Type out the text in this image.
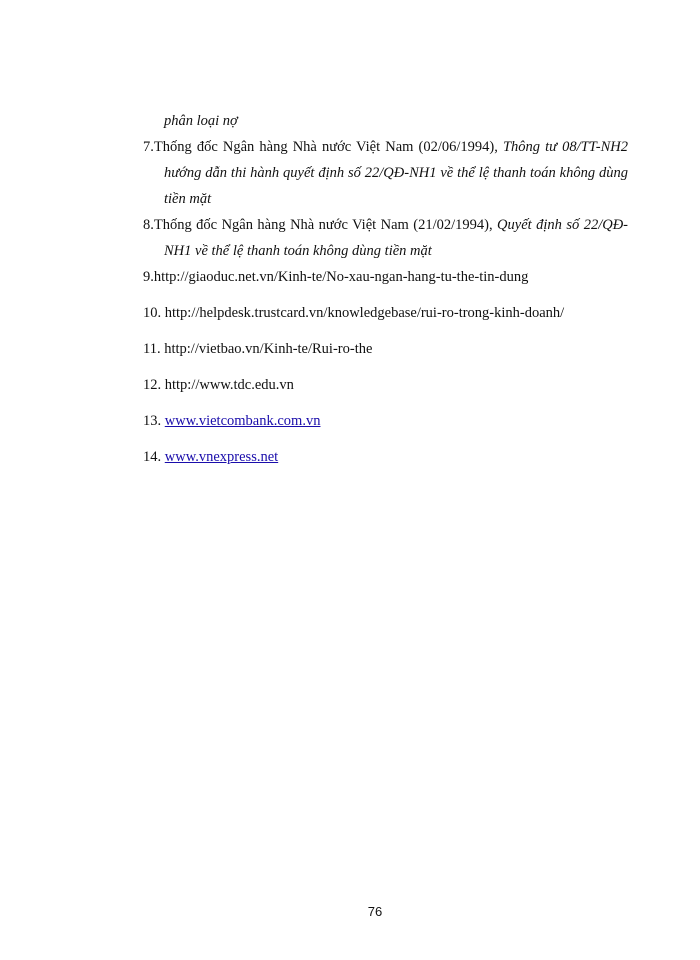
phân loại nợ

7.Thống đốc Ngân hàng Nhà nước Việt Nam (02/06/1994), Thông tư 08/TT-NH2 hướng dẫn thi hành quyết định số 22/QĐ-NH1 về thể lệ thanh toán không dùng tiền mặt

8.Thống đốc Ngân hàng Nhà nước Việt Nam (21/02/1994), Quyết định số 22/QĐ-NH1 về thể lệ thanh toán không dùng tiền mặt

9.http://giaoduc.net.vn/Kinh-te/No-xau-ngan-hang-tu-the-tin-dung

10. http://helpdesk.trustcard.vn/knowledgebase/rui-ro-trong-kinh-doanh/

11. http://vietbao.vn/Kinh-te/Rui-ro-the

12. http://www.tdc.edu.vn

13. www.vietcombank.com.vn

14. www.vnexpress.net

76
